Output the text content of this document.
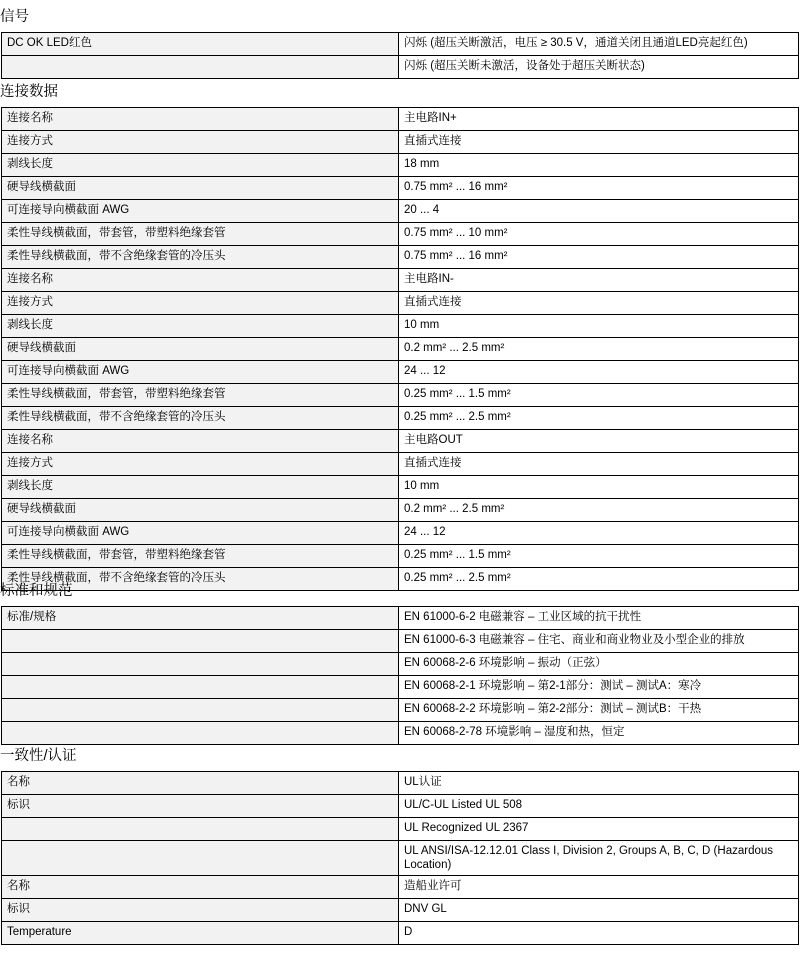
信号
DC OK LED红色	闪烁 (超压关断激活，电压 ≥ 30.5 V，通道关闭且通道LED亮起红色)
	闪烁 (超压关断未激活，设备处于超压关断状态)
连接数据
连接名称	主电路IN+
连接方式	直插式连接
剥线长度	18 mm
硬导线横截面	0.75 mm² ... 16 mm²
可连接导向横截面 AWG	20 ... 4
柔性导线横截面，带套管，带塑料绝缘套管	0.75 mm² ... 10 mm²
柔性导线横截面，带不含绝缘套管的冷压头	0.75 mm² ... 16 mm²
连接名称	主电路IN-
连接方式	直插式连接
剥线长度	10 mm
硬导线横截面	0.2 mm² ... 2.5 mm²
可连接导向横截面 AWG	24 ... 12
柔性导线横截面，带套管，带塑料绝缘套管	0.25 mm² ... 1.5 mm²
柔性导线横截面，带不含绝缘套管的冷压头	0.25 mm² ... 2.5 mm²
连接名称	主电路OUT
连接方式	直插式连接
剥线长度	10 mm
硬导线横截面	0.2 mm² ... 2.5 mm²
可连接导向横截面 AWG	24 ... 12
柔性导线横截面，带套管，带塑料绝缘套管	0.25 mm² ... 1.5 mm²
柔性导线横截面，带不含绝缘套管的冷压头	0.25 mm² ... 2.5 mm²
标准和规范
标准/规格	EN 61000-6-2 电磁兼容 – 工业区域的抗干扰性
	EN 61000-6-3 电磁兼容 – 住宅、商业和商业物业及小型企业的排放
	EN 60068-2-6 环境影响 – 振动（正弦）
	EN 60068-2-1 环境影响 – 第2-1部分：测试 – 测试A：寒冷
	EN 60068-2-2 环境影响 – 第2-2部分：测试 – 测试B：干热
	EN 60068-2-78 环境影响 – 湿度和热，恒定
一致性/认证
名称	UL认证
标识	UL/C-UL Listed UL 508
	UL Recognized UL 2367
	UL ANSI/ISA-12.12.01 Class I, Division 2, Groups A, B, C, D (Hazardous Location)
名称	造船业许可
标识	DNV GL
Temperature	D
